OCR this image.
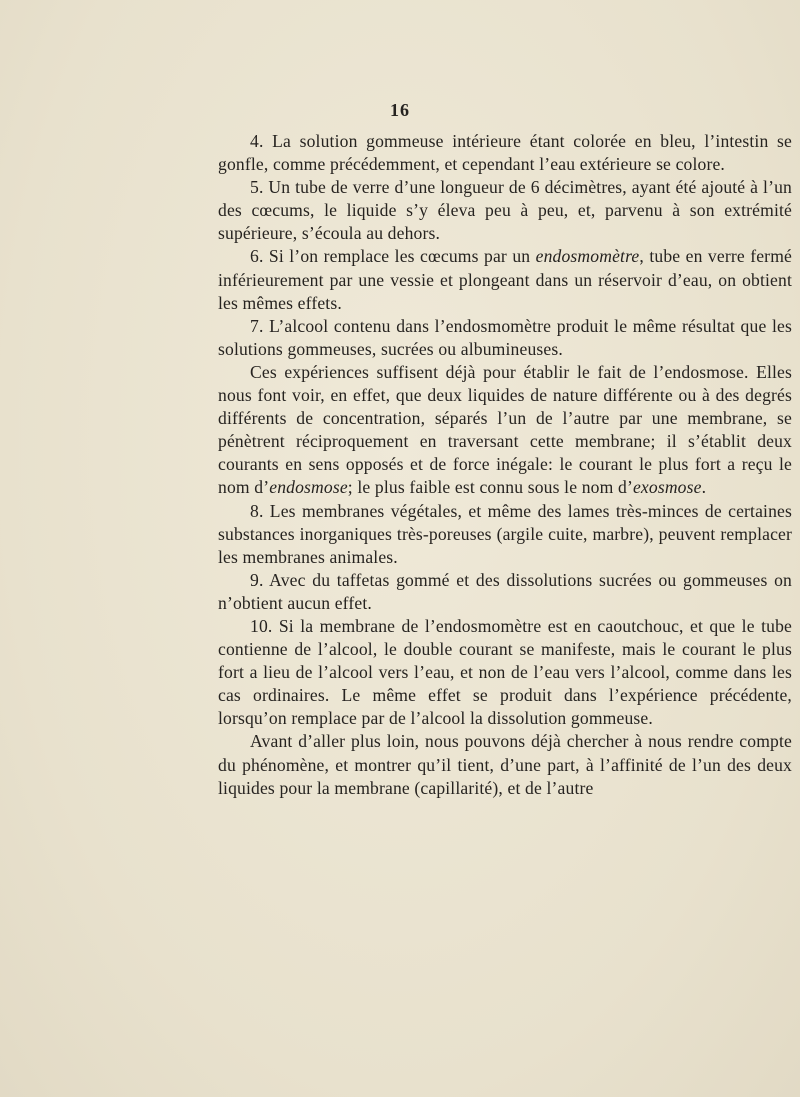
16

4. La solution gommeuse intérieure étant colorée en bleu, l’intestin se gonfle, comme précédemment, et cependant l’eau extérieure se colore.

5. Un tube de verre d’une longueur de 6 décimètres, ayant été ajouté à l’un des cœcums, le liquide s’y éleva peu à peu, et, parvenu à son extrémité supérieure, s’écoula au dehors.

6. Si l’on remplace les cœcums par un endosmomètre, tube en verre fermé inférieurement par une vessie et plongeant dans un réservoir d’eau, on obtient les mêmes effets.

7. L’alcool contenu dans l’endosmomètre produit le même résultat que les solutions gommeuses, sucrées ou albumineuses.

Ces expériences suffisent déjà pour établir le fait de l’endosmose. Elles nous font voir, en effet, que deux liquides de nature différente ou à des degrés différents de concentration, séparés l’un de l’autre par une membrane, se pénètrent réciproquement en traversant cette membrane; il s’établit deux courants en sens opposés et de force inégale: le courant le plus fort a reçu le nom d’endosmose; le plus faible est connu sous le nom d’exosmose.

8. Les membranes végétales, et même des lames très-minces de certaines substances inorganiques très-poreuses (argile cuite, marbre), peuvent remplacer les membranes animales.

9. Avec du taffetas gommé et des dissolutions sucrées ou gommeuses on n’obtient aucun effet.

10. Si la membrane de l’endosmomètre est en caoutchouc, et que le tube contienne de l’alcool, le double courant se manifeste, mais le courant le plus fort a lieu de l’alcool vers l’eau, et non de l’eau vers l’alcool, comme dans les cas ordinaires. Le même effet se produit dans l’expérience précédente, lorsqu’on remplace par de l’alcool la dissolution gommeuse.

Avant d’aller plus loin, nous pouvons déjà chercher à nous rendre compte du phénomène, et montrer qu’il tient, d’une part, à l’affinité de l’un des deux liquides pour la membrane (capillarité), et de l’autre
